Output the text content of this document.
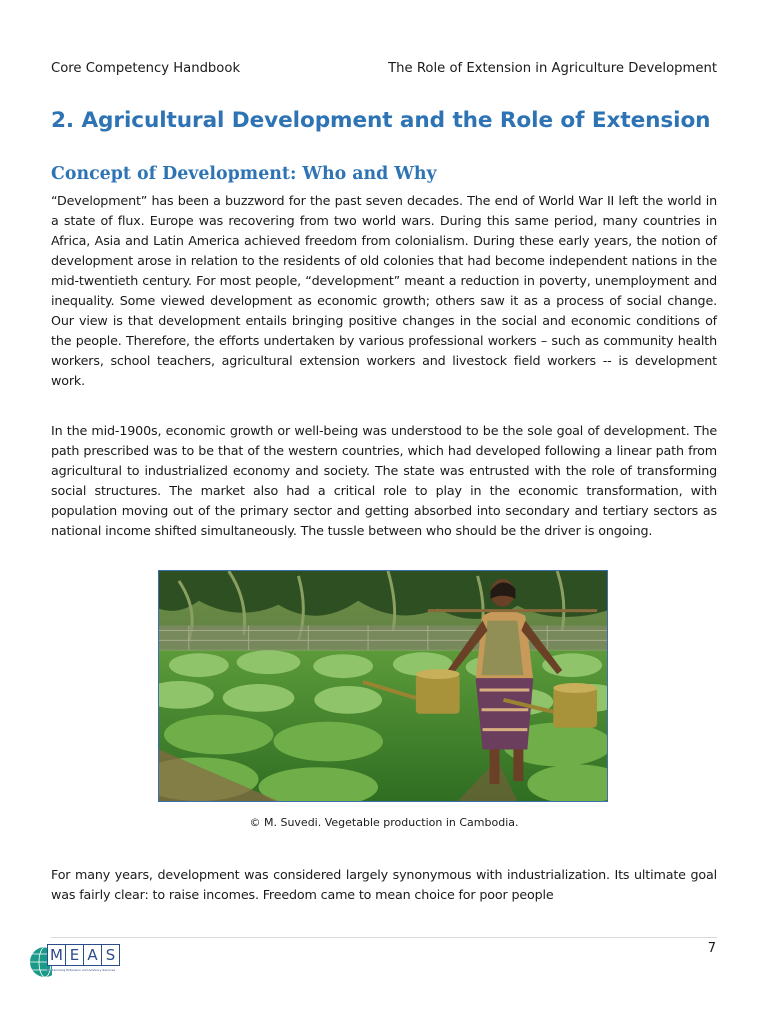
Core Competency Handbook	The Role of Extension in Agriculture Development
2. Agricultural Development and the Role of Extension
Concept of Development: Who and Why

“Development” has been a buzzword for the past seven decades. The end of World War II left the world in a state of flux. Europe was recovering from two world wars. During this same period, many countries in Africa, Asia and Latin America achieved freedom from colonialism. During these early years, the notion of development arose in relation to the residents of old colonies that had become independent nations in the mid-twentieth century. For most people, “development” meant a reduction in poverty, unemployment and inequality. Some viewed development as economic growth; others saw it as a process of social change. Our view is that development entails bringing positive changes in the social and economic conditions of the people. Therefore, the efforts undertaken by various professional workers – such as community health workers, school teachers, agricultural extension workers and livestock field workers -- is development work.

In the mid-1900s, economic growth or well-being was understood to be the sole goal of development. The path prescribed was to be that of the western countries, which had developed following a linear path from agricultural to industrialized economy and society. The state was entrusted with the role of transforming social structures. The market also had a critical role to play in the economic transformation, with population moving out of the primary sector and getting absorbed into secondary and tertiary sectors as national income shifted simultaneously. The tussle between who should be the driver is ongoing.

© M. Suvedi. Vegetable production in Cambodia.

For many years, development was considered largely synonymous with industrialization. Its ultimate goal was fairly clear: to raise incomes. Freedom came to mean choice for poor people

M E A S
Modernizing Extension and Advisory Services
7
